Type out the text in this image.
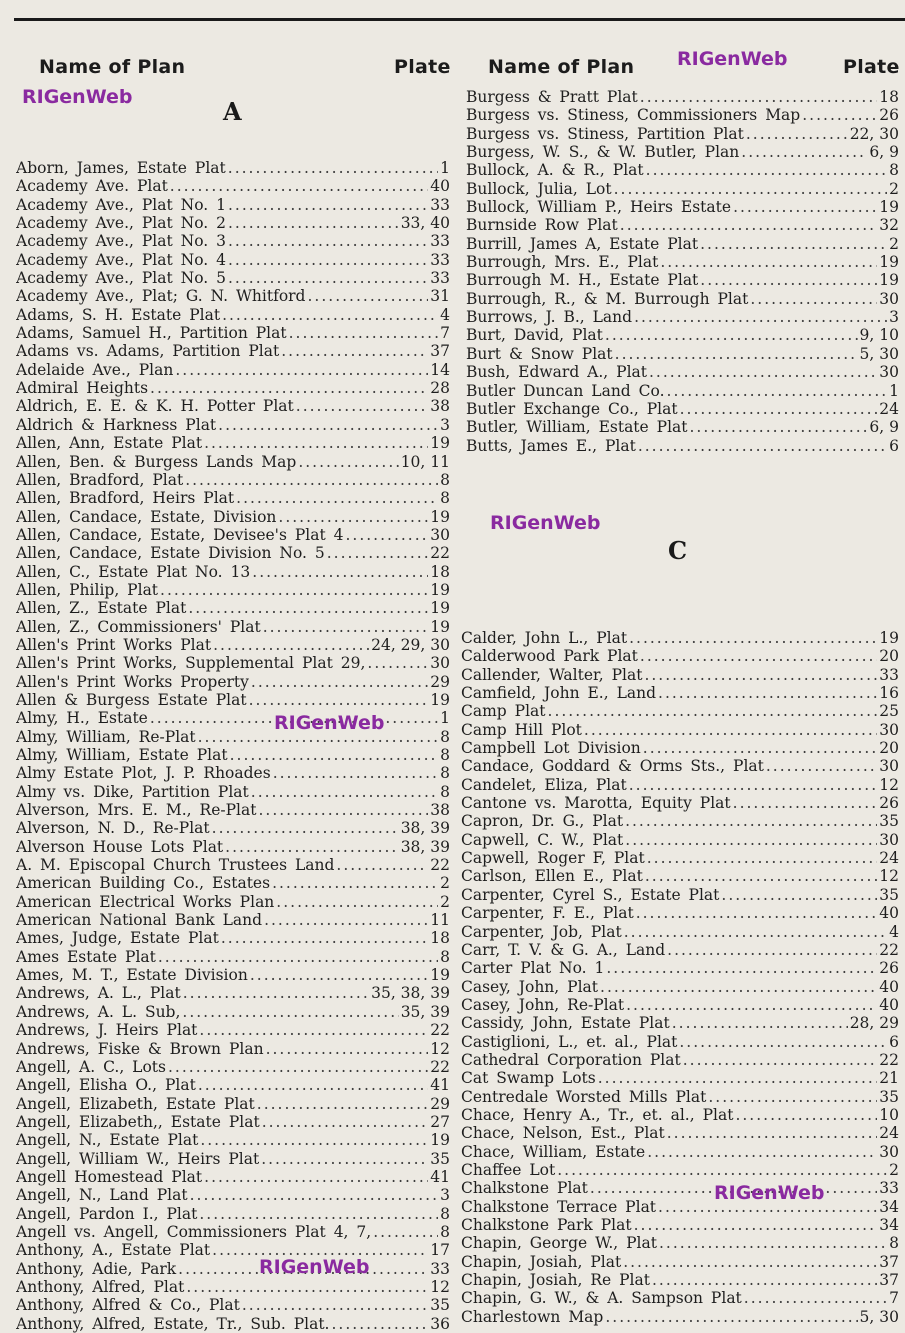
Name of Plan	Plate Name of Plan	Plate
A
C
Aborn, James, Estate Plat .....	1
Academy Ave. Plat .....	40
Academy Ave., Plat No. 1 .....	33
Academy Ave., Plat No. 2 .....	33, 40
Academy Ave., Plat No. 3 .....	33
Academy Ave., Plat No. 4 .....	33
Academy Ave., Plat No. 5 .....	33
Academy Ave., Plat; G. N. Whitford .....	31
Adams, S. H. Estate Plat .....	4
Adams, Samuel H., Partition Plat .....	7
Adams vs. Adams, Partition Plat .....	37
Adelaide Ave., Plan .....	14
Admiral Heights .....	28
Aldrich, E. E. & K. H. Potter Plat .....	38
Aldrich & Harkness Plat .....	3
Allen, Ann, Estate Plat .....	19
Allen, Ben. & Burgess Lands Map .....	10, 11
Allen, Bradford, Plat .....	8
Allen, Bradford, Heirs Plat .....	8
Allen, Candace, Estate, Division .....	19
Allen, Candace, Estate, Devisee's Plat 4 .....	30
Allen, Candace, Estate Division No. 5 .....	22
Allen, C., Estate Plat No. 13 .....	18
Allen, Philip, Plat .....	19
Allen, Z., Estate Plat .....	19
Allen, Z., Commissioners' Plat .....	19
Allen's Print Works Plat .....	24, 29, 30
Allen's Print Works, Supplemental Plat 29, .....	30
Allen's Print Works Property .....	29
Allen & Burgess Estate Plat .....	19
Almy, H., Estate .....	1
Almy, William, Re-Plat .....	8
Almy, William, Estate Plat .....	8
Almy Estate Plot, J. P. Rhoades .....	8
Almy vs. Dike, Partition Plat .....	8
Alverson, Mrs. E. M., Re-Plat .....	38
Alverson, N. D., Re-Plat .....	38, 39
Alverson House Lots Plat .....	38, 39
A. M. Episcopal Church Trustees Land .....	22
American Building Co., Estates .....	2
American Electrical Works Plan .....	2
American National Bank Land .....	11
Ames, Judge, Estate Plat .....	18
Ames Estate Plat .....	8
Ames, M. T., Estate Division .....	19
Andrews, A. L., Plat .....	35, 38, 39
Andrews, A. L. Sub, .....	35, 39
Andrews, J. Heirs Plat .....	22
Andrews, Fiske & Brown Plan .....	12
Angell, A. C., Lots .....	22
Angell, Elisha O., Plat .....	41
Angell, Elizabeth, Estate Plat .....	29
Angell, Elizabeth,, Estate Plat .....	27
Angell, N., Estate Plat .....	19
Angell, William W., Heirs Plat .....	35
Angell Homestead Plat .....	41
Angell, N., Land Plat .....	3
Angell, Pardon I., Plat .....	8
Angell vs. Angell, Commissioners Plat 4, 7, .....	8
Anthony, A., Estate Plat .....	17
Anthony, Adie, Park .....	33
Anthony, Alfred, Plat .....	12
Anthony, Alfred & Co., Plat .....	35
Anthony, Alfred, Estate, Tr., Sub. Plat. .....	36
Burgess & Pratt Plat .....	18
Burgess vs. Stiness, Commissioners Map .....	26
Burgess vs. Stiness, Partition Plat .....	22, 30
Burgess, W. S., & W. Butler, Plan .....	6, 9
Bullock, A. & R., Plat .....	8
Bullock, Julia, Lot .....	2
Bullock, William P., Heirs Estate .....	19
Burnside Row Plat .....	32
Burrill, James A, Estate Plat .....	2
Burrough, Mrs. E., Plat .....	19
Burrough M. H., Estate Plat .....	19
Burrough, R., & M. Burrough Plat .....	30
Burrows, J. B., Land .....	3
Burt, David, Plat .....	9, 10
Burt & Snow Plat .....	5, 30
Bush, Edward A., Plat .....	30
Butler Duncan Land Co. .....	1
Butler Exchange Co., Plat .....	24
Butler, William, Estate Plat .....	6, 9
Butts, James E., Plat .....	6
Calder, John L., Plat .....	19
Calderwood Park Plat .....	20
Callender, Walter, Plat .....	33
Camfield, John E., Land .....	16
Camp Plat .....	25
Camp Hill Plot .....	30
Campbell Lot Division .....	20
Candace, Goddard & Orms Sts., Plat .....	30
Candelet, Eliza, Plat .....	12
Cantone vs. Marotta, Equity Plat .....	26
Capron, Dr. G., Plat .....	35
Capwell, C. W., Plat .....	30
Capwell, Roger F, Plat .....	24
Carlson, Ellen E., Plat .....	12
Carpenter, Cyrel S., Estate Plat .....	35
Carpenter, F. E., Plat .....	40
Carpenter, Job, Plat .....	4
Carr, T. V. & G. A., Land .....	22
Carter Plat No. 1 .....	26
Casey, John, Plat .....	40
Casey, John, Re-Plat .....	40
Cassidy, John, Estate Plat .....	28, 29
Castiglioni, L., et. al., Plat .....	6
Cathedral Corporation Plat .....	22
Cat Swamp Lots .....	21
Centredale Worsted Mills Plat .....	35
Chace, Henry A., Tr., et. al., Plat .....	10
Chace, Nelson, Est., Plat .....	24
Chace, William, Estate .....	30
Chaffee Lot .....	2
Chalkstone Plat .....	33
Chalkstone Terrace Plat .....	34
Chalkstone Park Plat .....	34
Chapin, George W., Plat .....	8
Chapin, Josiah, Plat .....	37
Chapin, Josiah, Re Plat .....	37
Chapin, G. W., & A. Sampson Plat .....	7
Charlestown Map .....	5, 30
RIGenWeb
RIGenWeb
RIGenWeb
RIGenWeb
RIGenWeb
RIGenWeb
